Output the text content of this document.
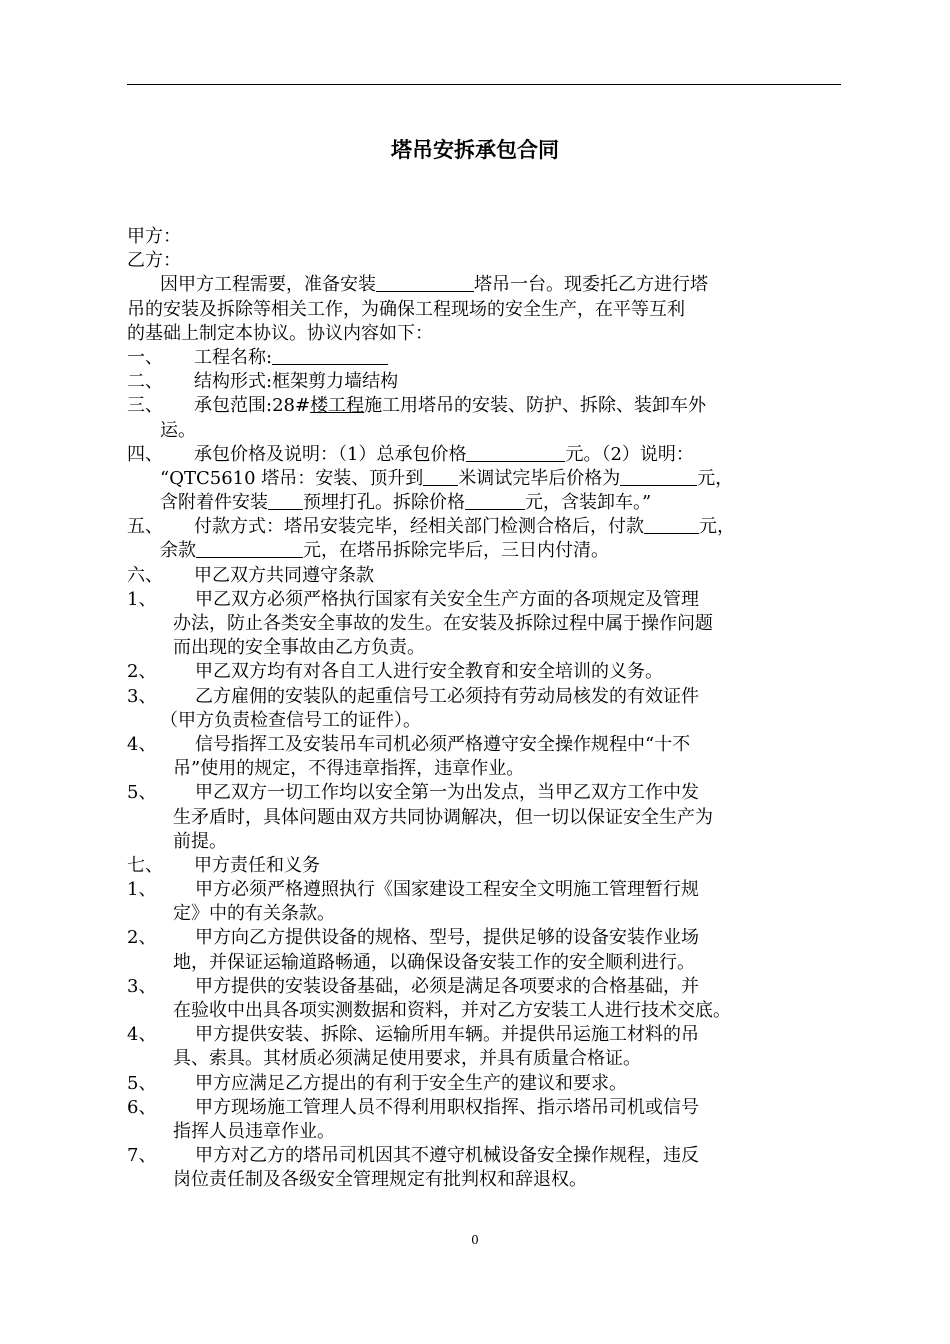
塔吊安拆承包合同
甲方：
乙方：
因甲方工程需要，准备安装	塔吊一台。现委托乙方进行塔
吊的安装及拆除等相关工作，为确保工程现场的安全生产，在平等互利
的基础上制定本协议。协议内容如下：
一、 工程名称:
二、 结构形式:框架剪力墙结构
三、 承包范围:28#楼工程施工用塔吊的安装、防护、拆除、装卸车外
运。
四、 承包价格及说明：（1）总承包价格	元。（2）说明：
“QTC5610 塔吊：安装、顶升到 米调试完毕后价格为	元，
含附着件安装 预埋打孔。拆除价格	元，含装卸车。”
五、 付款方式：塔吊安装完毕，经相关部门检测合格后，付款	元，
余款	元，在塔吊拆除完毕后，三日内付清。
六、 甲乙双方共同遵守条款
1、 甲乙双方必须严格执行国家有关安全生产方面的各项规定及管理
办法，防止各类安全事故的发生。在安装及拆除过程中属于操作问题
而出现的安全事故由乙方负责。
2、 甲乙双方均有对各自工人进行安全教育和安全培训的义务。
3、 乙方雇佣的安装队的起重信号工必须持有劳动局核发的有效证件
（甲方负责检查信号工的证件）。
4、 信号指挥工及安装吊车司机必须严格遵守安全操作规程中“十不
吊”使用的规定，不得违章指挥，违章作业。
5、 甲乙双方一切工作均以安全第一为出发点，当甲乙双方工作中发
生矛盾时，具体问题由双方共同协调解决，但一切以保证安全生产为
前提。
七、 甲方责任和义务
1、 甲方必须严格遵照执行《国家建设工程安全文明施工管理暂行规
定》中的有关条款。
2、 甲方向乙方提供设备的规格、型号，提供足够的设备安装作业场
地，并保证运输道路畅通，以确保设备安装工作的安全顺利进行。
3、 甲方提供的安装设备基础，必须是满足各项要求的合格基础，并
在验收中出具各项实测数据和资料，并对乙方安装工人进行技术交底。
4、 甲方提供安装、拆除、运输所用车辆。并提供吊运施工材料的吊
具、索具。其材质必须满足使用要求，并具有质量合格证。
5、 甲方应满足乙方提出的有利于安全生产的建议和要求。
6、 甲方现场施工管理人员不得利用职权指挥、指示塔吊司机或信号
指挥人员违章作业。
7、 甲方对乙方的塔吊司机因其不遵守机械设备安全操作规程，违反
岗位责任制及各级安全管理规定有批判权和辞退权。
0
